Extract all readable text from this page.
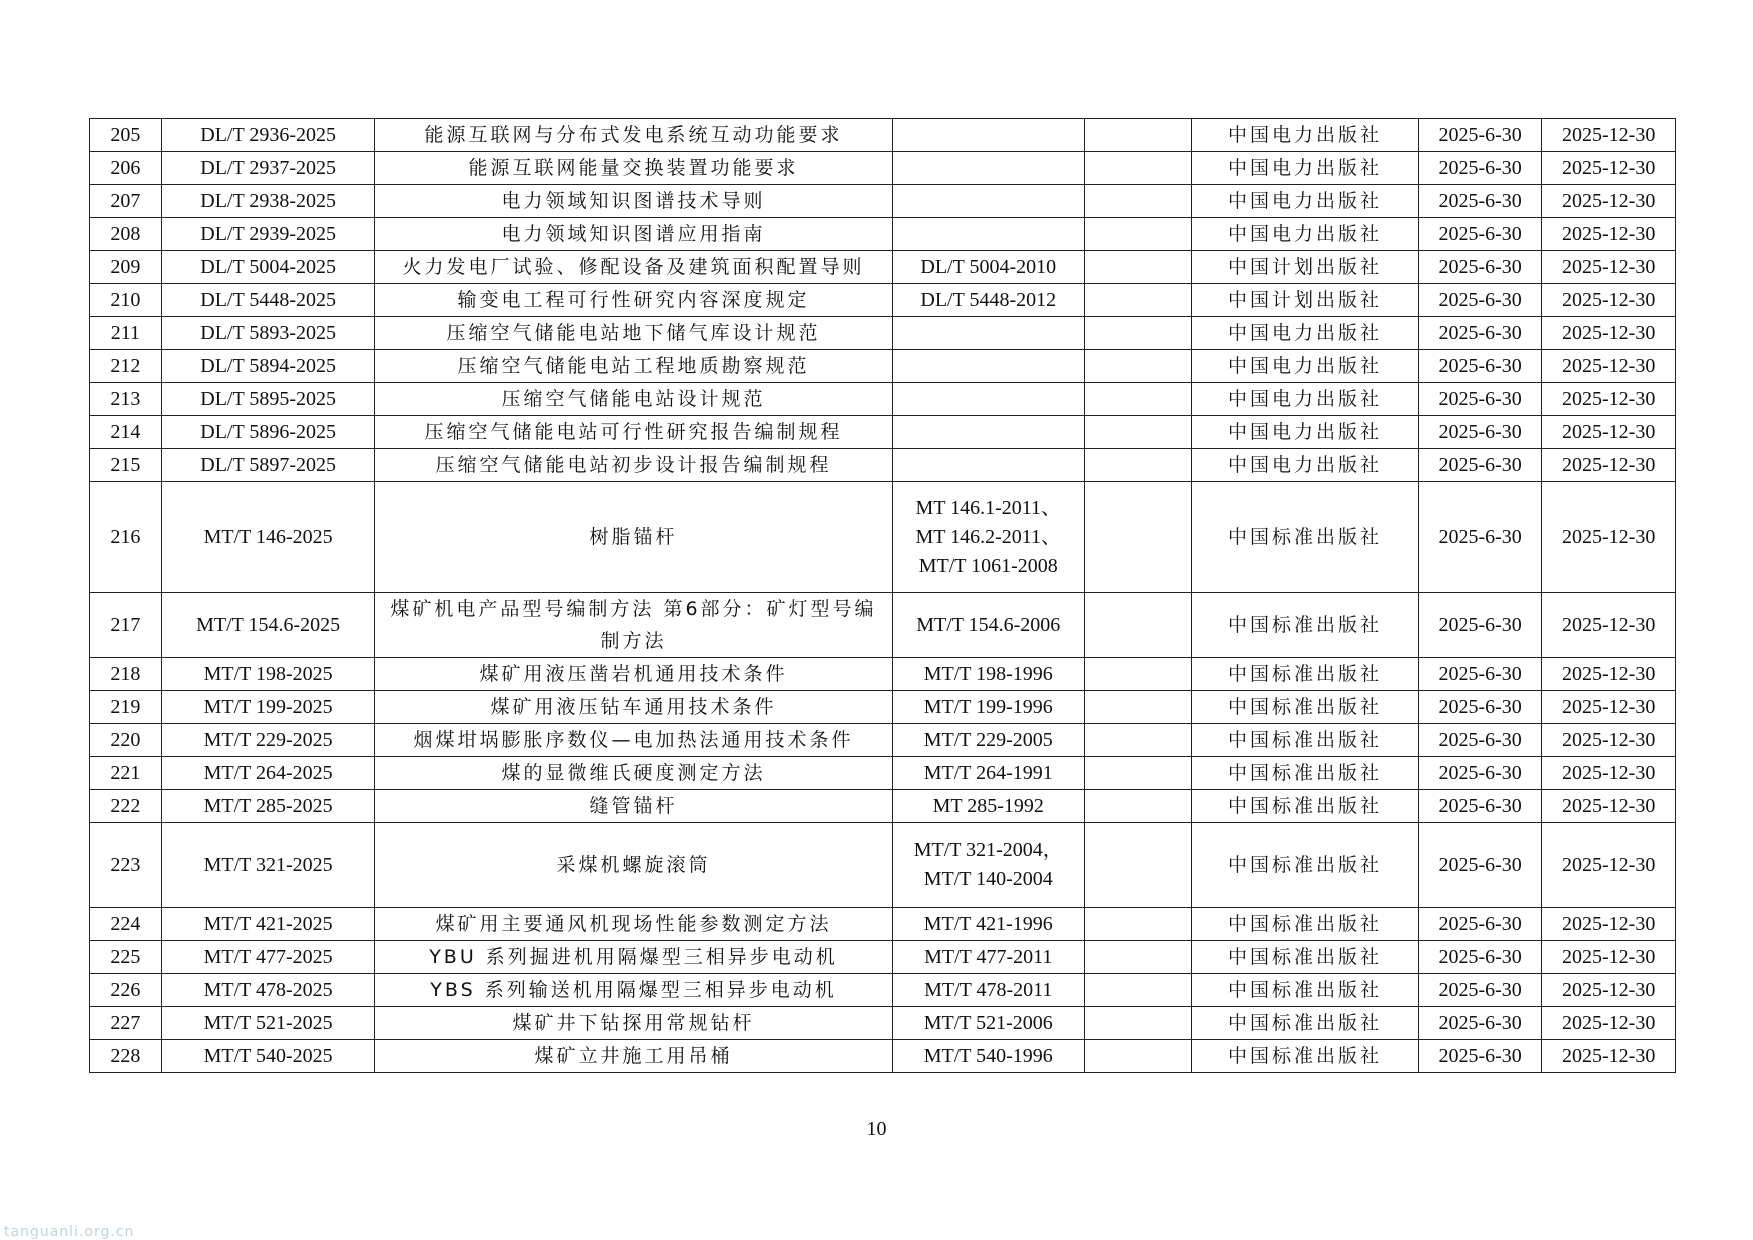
205	DL/T 2936-2025	能源互联网与分布式发电系统互动功能要求			中国电力出版社	2025-6-30	2025-12-30
206	DL/T 2937-2025	能源互联网能量交换装置功能要求			中国电力出版社	2025-6-30	2025-12-30
207	DL/T 2938-2025	电力领域知识图谱技术导则			中国电力出版社	2025-6-30	2025-12-30
208	DL/T 2939-2025	电力领域知识图谱应用指南			中国电力出版社	2025-6-30	2025-12-30
209	DL/T 5004-2025	火力发电厂试验、修配设备及建筑面积配置导则	DL/T 5004-2010		中国计划出版社	2025-6-30	2025-12-30
210	DL/T 5448-2025	输变电工程可行性研究内容深度规定	DL/T 5448-2012		中国计划出版社	2025-6-30	2025-12-30
211	DL/T 5893-2025	压缩空气储能电站地下储气库设计规范			中国电力出版社	2025-6-30	2025-12-30
212	DL/T 5894-2025	压缩空气储能电站工程地质勘察规范			中国电力出版社	2025-6-30	2025-12-30
213	DL/T 5895-2025	压缩空气储能电站设计规范			中国电力出版社	2025-6-30	2025-12-30
214	DL/T 5896-2025	压缩空气储能电站可行性研究报告编制规程			中国电力出版社	2025-6-30	2025-12-30
215	DL/T 5897-2025	压缩空气储能电站初步设计报告编制规程			中国电力出版社	2025-6-30	2025-12-30
216	MT/T 146-2025	树脂锚杆	MT 146.1-2011、
MT 146.2-2011、
MT/T 1061-2008		中国标准出版社	2025-6-30	2025-12-30
217	MT/T 154.6-2025	煤矿机电产品型号编制方法 第6部分：矿灯型号编制方法	MT/T 154.6-2006		中国标准出版社	2025-6-30	2025-12-30
218	MT/T 198-2025	煤矿用液压凿岩机通用技术条件	MT/T 198-1996		中国标准出版社	2025-6-30	2025-12-30
219	MT/T 199-2025	煤矿用液压钻车通用技术条件	MT/T 199-1996		中国标准出版社	2025-6-30	2025-12-30
220	MT/T 229-2025	烟煤坩埚膨胀序数仪—电加热法通用技术条件	MT/T 229-2005		中国标准出版社	2025-6-30	2025-12-30
221	MT/T 264-2025	煤的显微维氏硬度测定方法	MT/T 264-1991		中国标准出版社	2025-6-30	2025-12-30
222	MT/T 285-2025	缝管锚杆	MT 285-1992		中国标准出版社	2025-6-30	2025-12-30
223	MT/T 321-2025	采煤机螺旋滚筒	MT/T 321-2004，
MT/T 140-2004		中国标准出版社	2025-6-30	2025-12-30
224	MT/T 421-2025	煤矿用主要通风机现场性能参数测定方法	MT/T 421-1996		中国标准出版社	2025-6-30	2025-12-30
225	MT/T 477-2025	YBU 系列掘进机用隔爆型三相异步电动机	MT/T 477-2011		中国标准出版社	2025-6-30	2025-12-30
226	MT/T 478-2025	YBS 系列输送机用隔爆型三相异步电动机	MT/T 478-2011		中国标准出版社	2025-6-30	2025-12-30
227	MT/T 521-2025	煤矿井下钻探用常规钻杆	MT/T 521-2006		中国标准出版社	2025-6-30	2025-12-30
228	MT/T 540-2025	煤矿立井施工用吊桶	MT/T 540-1996		中国标准出版社	2025-6-30	2025-12-30
10
tanguanli.org.cn
